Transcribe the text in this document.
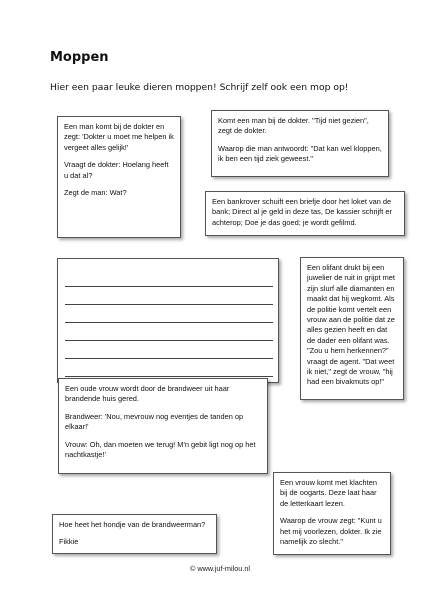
Moppen
Hier een paar leuke dieren moppen! Schrijf zelf ook een mop op!

Een man komt bij de dokter en zegt: 'Dokter u moet me helpen ik vergeet alles gelijk!'

Vraagt de dokter: Hoelang heeft u dat al?

Zegt de man: Wat?

Komt een man bij de dokter. "Tijd niet gezien", zegt de dokter.

Waarop die man antwoordt: "Dat kan wel kloppen, ik ben een tijd ziek geweest."

Een bankrover schuift een briefje door het loket van de bank; Direct al je geld in deze tas, De kassier schrijft er achterop; Doe je das goed; je wordt gefilmd.

Een olifant drukt bij een juwelier de ruit in grijpt met zijn slurf alle diamanten en maakt dat hij wegkomt. Als de politie komt vertelt een vrouw aan de politie dat ze alles gezien heeft en dat de dader een olifant was. "Zou u hem herkennen?" vraagt de agent. "Dat weet ik niet," zegt de vrouw, "hij had een bivakmuts op!"

Een oude vrouw wordt door de brandweer uit haar brandende huis gered.

Brandweer: 'Nou, mevrouw nog eventjes de tanden op elkaar!'

Vrouw: Oh, dan moeten we terug! M'n gebit ligt nog op het nachtkastje!'

Een vrouw komt met klachten bij de oogarts. Deze laat haar de letterkaart lezen.

Waarop de vrouw zegt: "Kunt u het mij voorlezen, dokter. Ik zie namelijk zo slecht."

Hoe heet het hondje van de brandweerman?

Fikkie

© www.juf-milou.nl
